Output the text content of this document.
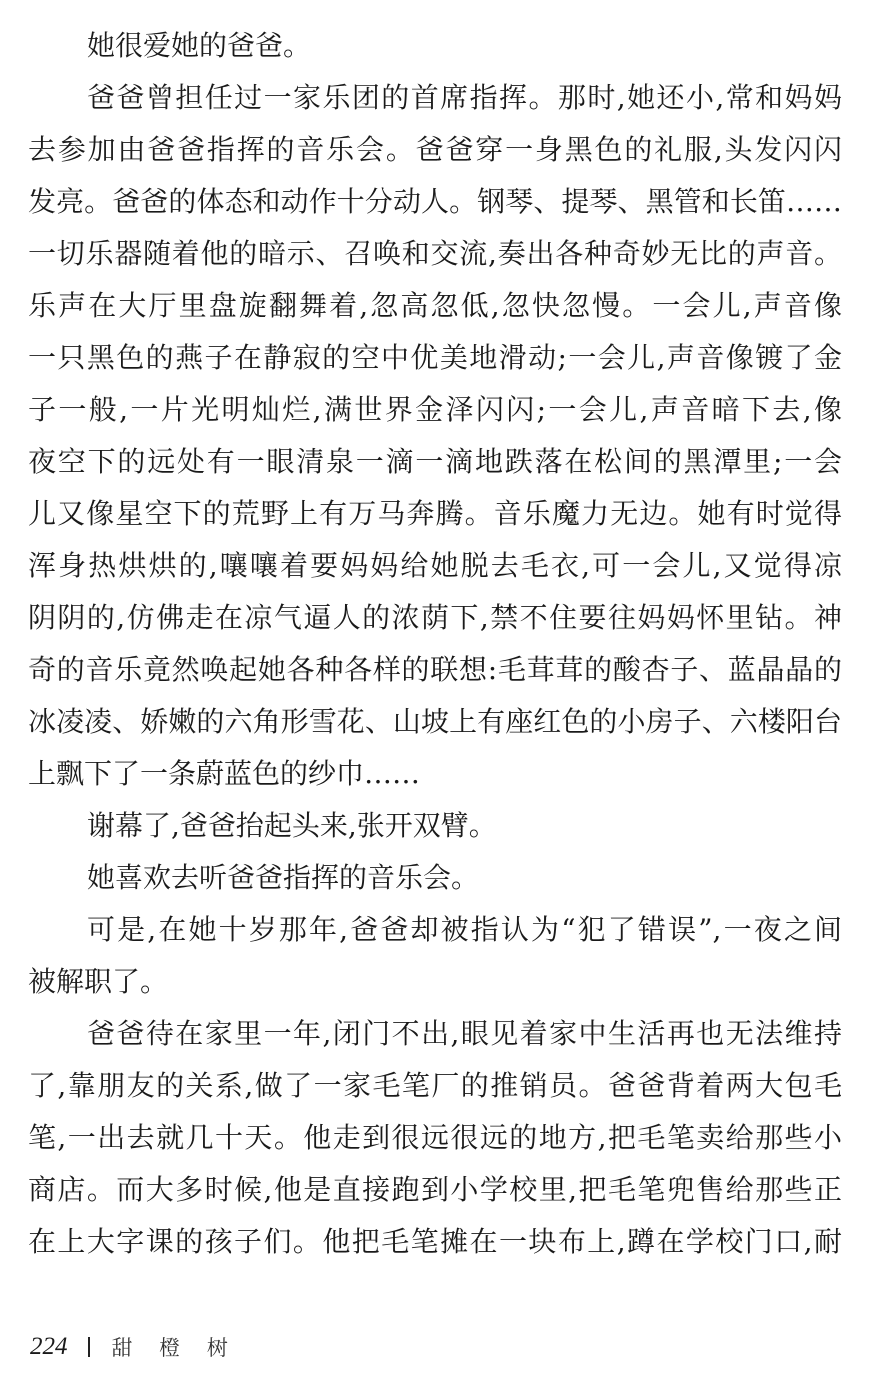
她很爱她的爸爸。
爸爸曾担任过一家乐团的首席指挥。那时,她还小,常和妈妈
去参加由爸爸指挥的音乐会。爸爸穿一身黑色的礼服,头发闪闪
发亮。爸爸的体态和动作十分动人。钢琴、提琴、黑管和长笛……
一切乐器随着他的暗示、召唤和交流,奏出各种奇妙无比的声音。
乐声在大厅里盘旋翻舞着,忽高忽低,忽快忽慢。一会儿,声音像
一只黑色的燕子在静寂的空中优美地滑动;一会儿,声音像镀了金
子一般,一片光明灿烂,满世界金泽闪闪;一会儿,声音暗下去,像
夜空下的远处有一眼清泉一滴一滴地跌落在松间的黑潭里;一会
儿又像星空下的荒野上有万马奔腾。音乐魔力无边。她有时觉得
浑身热烘烘的,嚷嚷着要妈妈给她脱去毛衣,可一会儿,又觉得凉
阴阴的,仿佛走在凉气逼人的浓荫下,禁不住要往妈妈怀里钻。神
奇的音乐竟然唤起她各种各样的联想:毛茸茸的酸杏子、蓝晶晶的
冰凌凌、娇嫩的六角形雪花、山坡上有座红色的小房子、六楼阳台
上飘下了一条蔚蓝色的纱巾……
谢幕了,爸爸抬起头来,张开双臂。
她喜欢去听爸爸指挥的音乐会。
可是,在她十岁那年,爸爸却被指认为“犯了错误”,一夜之间
被解职了。
爸爸待在家里一年,闭门不出,眼见着家中生活再也无法维持
了,靠朋友的关系,做了一家毛笔厂的推销员。爸爸背着两大包毛
笔,一出去就几十天。他走到很远很远的地方,把毛笔卖给那些小
商店。而大多时候,他是直接跑到小学校里,把毛笔兜售给那些正
在上大字课的孩子们。他把毛笔摊在一块布上,蹲在学校门口,耐
224 甜 橙 树
